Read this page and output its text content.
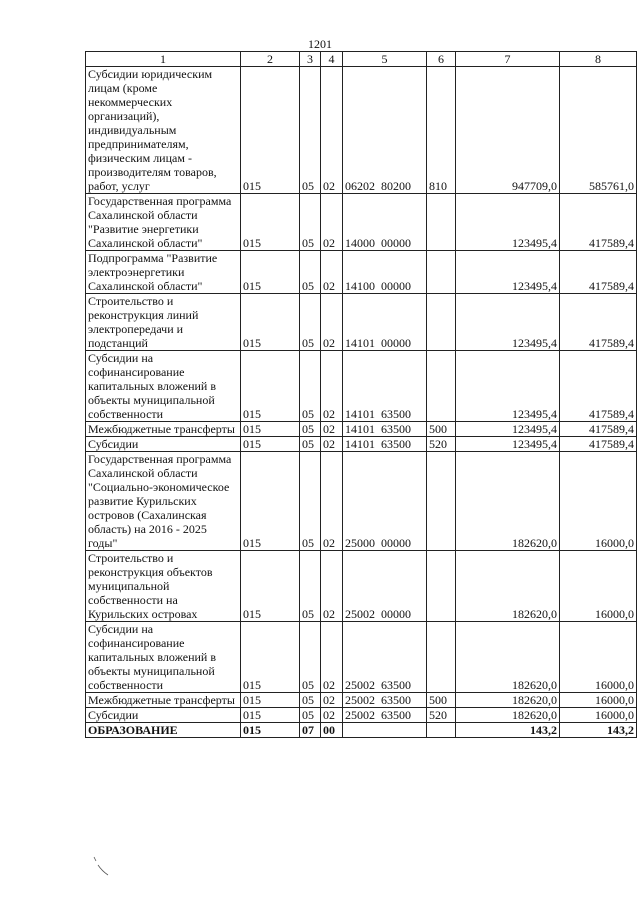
1201
1	2	3	4	5	6	7	8
Субсидии юридическим лицам (кроме некоммерческих организаций), индивидуальным предпринимателям, физическим лицам - производителям товаров, работ, услуг	015	05	02	06202  80200	810	947709,0	585761,0
Государственная программа Сахалинской области "Развитие энергетики Сахалинской области"	015	05	02	14000  00000		123495,4	417589,4
Подпрограмма "Развитие электроэнергетики Сахалинской области"	015	05	02	14100  00000		123495,4	417589,4
Строительство и реконструкция линий электропередачи и подстанций	015	05	02	14101  00000		123495,4	417589,4
Субсидии на софинансирование капитальных вложений в объекты муниципальной собственности	015	05	02	14101  63500		123495,4	417589,4
Межбюджетные трансферты	015	05	02	14101  63500	500	123495,4	417589,4
Субсидии	015	05	02	14101  63500	520	123495,4	417589,4
Государственная программа Сахалинской области "Социально-экономическое развитие Курильских островов (Сахалинская область) на 2016 - 2025 годы"	015	05	02	25000  00000		182620,0	16000,0
Строительство и реконструкция объектов муниципальной собственности на Курильских островах	015	05	02	25002  00000		182620,0	16000,0
Субсидии на софинансирование капитальных вложений в объекты муниципальной собственности	015	05	02	25002  63500		182620,0	16000,0
Межбюджетные трансферты	015	05	02	25002  63500	500	182620,0	16000,0
Субсидии	015	05	02	25002  63500	520	182620,0	16000,0
ОБРАЗОВАНИЕ	015	07	00			143,2	143,2
